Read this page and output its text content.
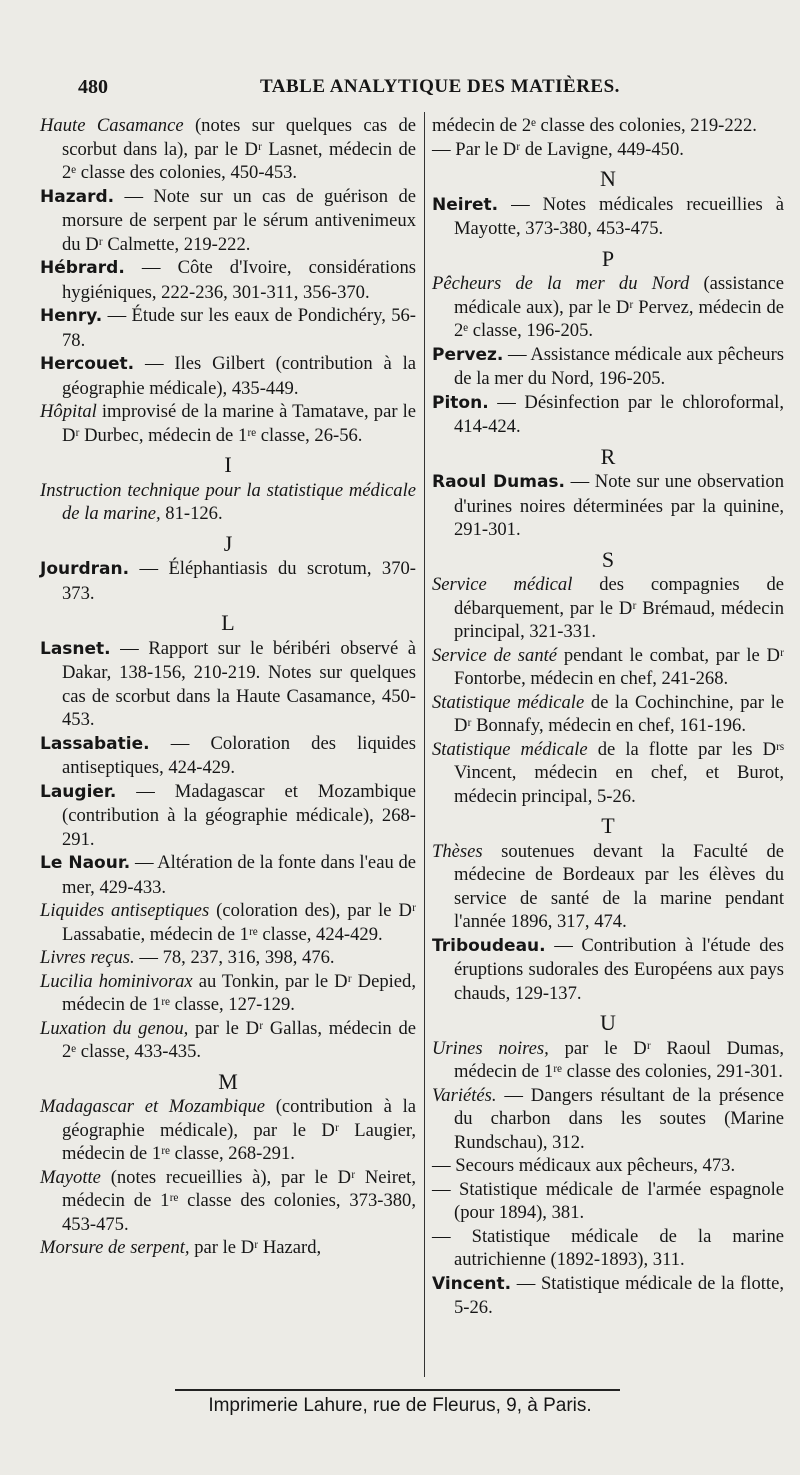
480	TABLE ANALYTIQUE DES MATIÈRES.

Haute Casamance (notes sur quelques cas de scorbut dans la), par le Dʳ Lasnet, médecin de 2ᵉ classe des colonies, 450-453.

Hazard. — Note sur un cas de guérison de morsure de serpent par le sérum antivenimeux du Dʳ Calmette, 219-222.

Hébrard. — Côte d'Ivoire, considérations hygiéniques, 222-236, 301-311, 356-370.

Henry. — Étude sur les eaux de Pondichéry, 56-78.

Hercouet. — Iles Gilbert (contribution à la géographie médicale), 435-449.

Hôpital improvisé de la marine à Tamatave, par le Dʳ Durbec, médecin de 1ʳᵉ classe, 26-56.

I

Instruction technique pour la statistique médicale de la marine, 81-126.

J

Jourdran. — Éléphantiasis du scrotum, 370-373.

L

Lasnet. — Rapport sur le béribéri observé à Dakar, 138-156, 210-219. Notes sur quelques cas de scorbut dans la Haute Casamance, 450-453.

Lassabatie. — Coloration des liquides antiseptiques, 424-429.

Laugier. — Madagascar et Mozambique (contribution à la géographie médicale), 268-291.

Le Naour. — Altération de la fonte dans l'eau de mer, 429-433.

Liquides antiseptiques (coloration des), par le Dʳ Lassabatie, médecin de 1ʳᵉ classe, 424-429.

Livres reçus. — 78, 237, 316, 398, 476.

Lucilia hominivorax au Tonkin, par le Dʳ Depied, médecin de 1ʳᵉ classe, 127-129.

Luxation du genou, par le Dʳ Gallas, médecin de 2ᵉ classe, 433-435.

M

Madagascar et Mozambique (contribution à la géographie médicale), par le Dʳ Laugier, médecin de 1ʳᵉ classe, 268-291.

Mayotte (notes recueillies à), par le Dʳ Neiret, médecin de 1ʳᵉ classe des colonies, 373-380, 453-475.

Morsure de serpent, par le Dʳ Hazard,

médecin de 2ᵉ classe des colonies, 219-222.

— Par le Dʳ de Lavigne, 449-450.

N

Neiret. — Notes médicales recueillies à Mayotte, 373-380, 453-475.

P

Pêcheurs de la mer du Nord (assistance médicale aux), par le Dʳ Pervez, médecin de 2ᵉ classe, 196-205.

Pervez. — Assistance médicale aux pêcheurs de la mer du Nord, 196-205.

Piton. — Désinfection par le chloroformal, 414-424.

R

Raoul Dumas. — Note sur une observation d'urines noires déterminées par la quinine, 291-301.

S

Service médical des compagnies de débarquement, par le Dʳ Brémaud, médecin principal, 321-331.

Service de santé pendant le combat, par le Dʳ Fontorbe, médecin en chef, 241-268.

Statistique médicale de la Cochinchine, par le Dʳ Bonnafy, médecin en chef, 161-196.

Statistique médicale de la flotte par les Dʳˢ Vincent, médecin en chef, et Burot, médecin principal, 5-26.

T

Thèses soutenues devant la Faculté de médecine de Bordeaux par les élèves du service de santé de la marine pendant l'année 1896, 317, 474.

Triboudeau. — Contribution à l'étude des éruptions sudorales des Européens aux pays chauds, 129-137.

U

Urines noires, par le Dʳ Raoul Dumas, médecin de 1ʳᵉ classe des colonies, 291-301.

Variétés. — Dangers résultant de la présence du charbon dans les soutes (Marine Rundschau), 312.

— Secours médicaux aux pêcheurs, 473.

— Statistique médicale de l'armée espagnole (pour 1894), 381.

— Statistique médicale de la marine autrichienne (1892-1893), 311.

Vincent. — Statistique médicale de la flotte, 5-26.

Imprimerie Lahure, rue de Fleurus, 9, à Paris.
